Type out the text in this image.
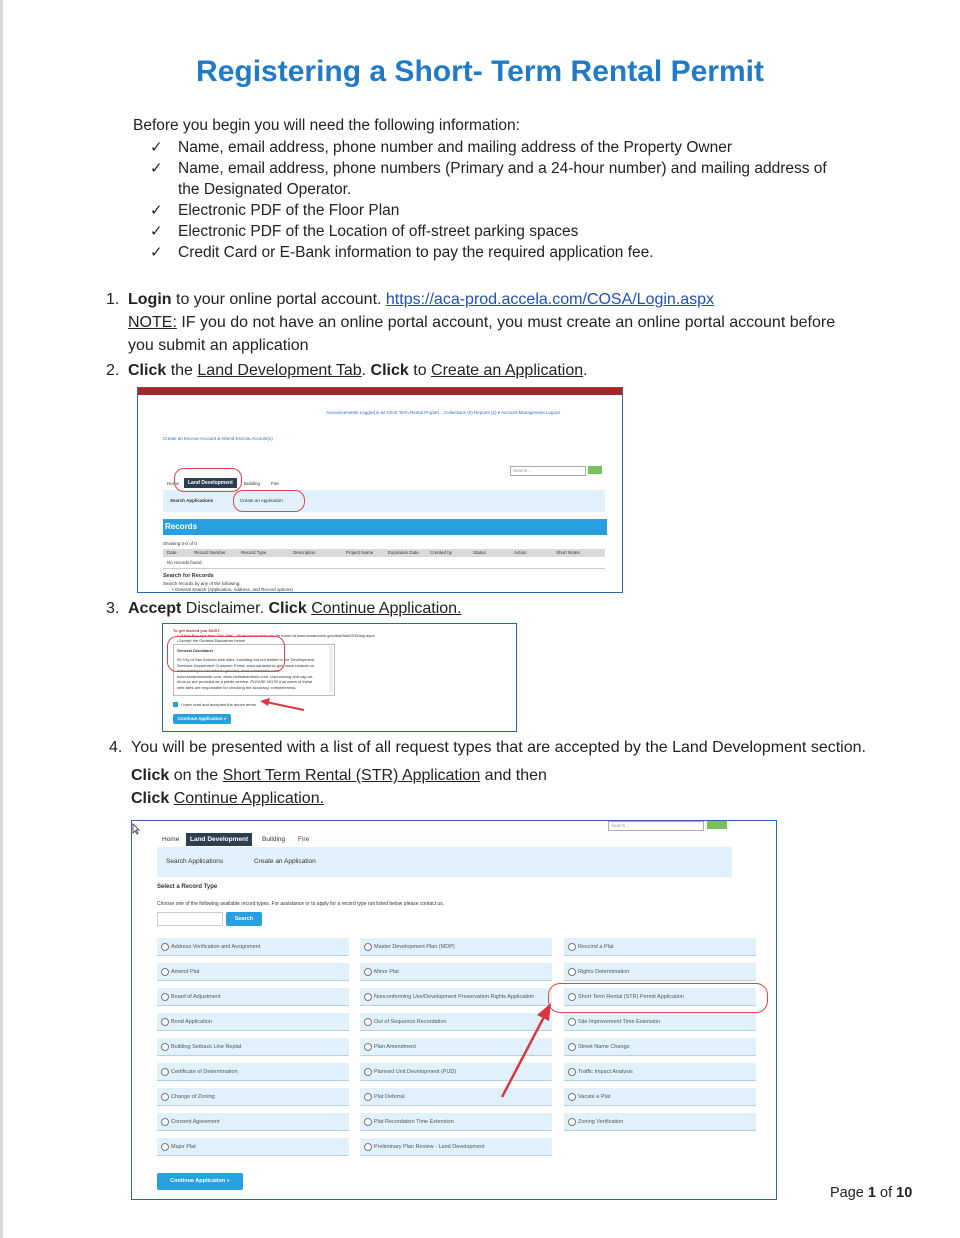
Registering a Short- Term Rental Permit
Before you begin you will need the following information:
✓ Name, email address, phone number and mailing address of the Property Owner
✓ Name, email address, phone numbers (Primary and a 24-hour number) and mailing address of the Designated Operator.
✓ Electronic PDF of the Floor Plan
✓ Electronic PDF of the Location of off-street parking spaces
✓ Credit Card or E-Bank information to pay the required application fee.
1. Login to your online portal account. https://aca-prod.accela.com/COSA/Login.aspx
NOTE: IF you do not have an online portal account, you must create an online portal account before you submit an application
2. Click the Land Development Tab. Click to Create an Application.
Announcements Logged in as:Short Term Rental Propert... Collections (0) Reports (1) ▾ Account Management Logout
Create an Escrow Account & Attend Escrow Account(s)
Search...
Home	Land Development	Building Fire
Search Applications	Create an Application
Records
Showing 0-0 of 0
Date	Record Number	Record Type	Description	Project Name	Expiration Date Created by	Status	Action	Short Notes
No records found.
Search for Records
Search records by any of the following:
• General Search (Application, Address, and Record options)
3. Accept Disclaimer. Click Continue Application.
To get started you MUST:
• "Allow Pop-ups from This Site" - More information can be found at www.sanantonio.gov/dsd/AskDSDhelp.aspx
• Accept the General Disclaimer below
General Disclaimer
90 City of San Antonio web sites, including but not limited to the Development Services Department Customer Portal, www.sanantonio.gov, www.cosacst.us, www.saedcpro.sanantonio.gov/dsd, www.sanantonio.com, www.sanantoniosite.com, www.visitsanantonio.com, reproducing and cap-ue-hb.ts.sc are provided as a public service. PLEASE NOTE that users of these web sites are responsible for checking the accuracy, completeness,
I have read and accepted the above terms.
Continue Application »
4. You will be presented with a list of all request types that are accepted by the Land Development section.
Click on the Short Term Rental (STR) Application and then
Click Continue Application.
Search...
Home	Land Development	Building Fire
Search Applications	Create an Application
Select a Record Type
Choose one of the following available record types. For assistance or to apply for a record type not listed below please contact us.
Search
Address Verification and Assignment
Amend Plat
Board of Adjustment
Bond Application
Building Setback Line Replat
Certificate of Determination
Change of Zoning
Consent Agreement
Major Plat
Master Development Plan (MDP)
Minor Plat
Nonconforming Use/Development Preservation Rights Application
Out of Sequence Recordation
Plan Amendment
Planned Unit Development (PUD)
Plat Deferral
Plat Recordation Time Extension
Preliminary Plan Review - Land Development
Rescind a Plat
Rights Determination
Short Term Rental (STR) Permit Application
Site Improvement Time Extension
Street Name Change
Traffic Impact Analysis
Vacate a Plat
Zoning Verification
Continue Application »
Page 1 of 10
